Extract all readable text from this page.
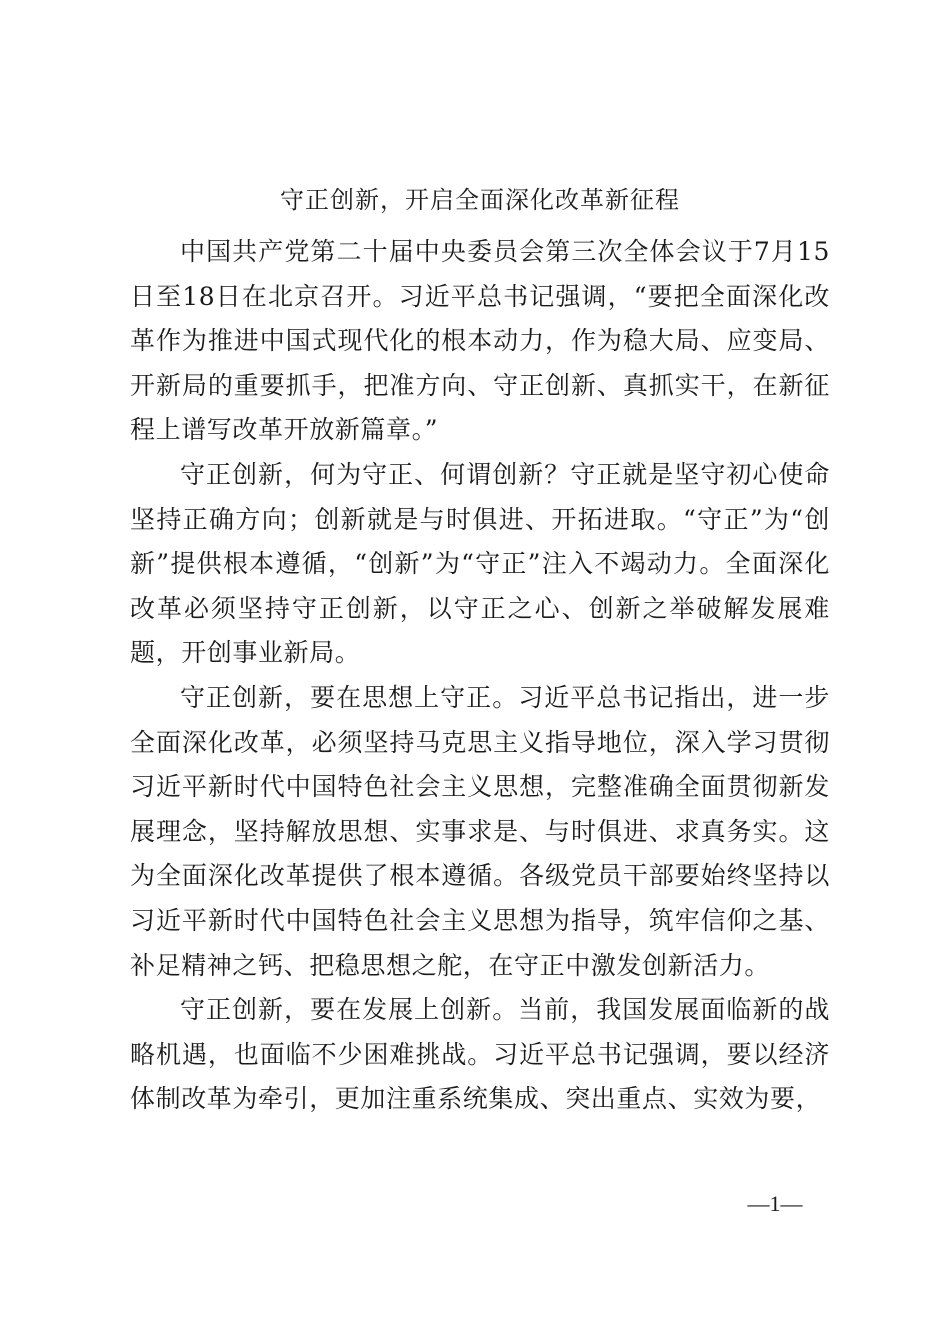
守正创新，开启全面深化改革新征程

中国共产党第二十届中央委员会第三次全体会议于7月15日至18日在北京召开。习近平总书记强调，“要把全面深化改革作为推进中国式现代化的根本动力，作为稳大局、应变局、开新局的重要抓手，把准方向、守正创新、真抓实干，在新征程上谱写改革开放新篇章。”

守正创新，何为守正、何谓创新？守正就是坚守初心使命坚持正确方向；创新就是与时俱进、开拓进取。“守正”为“创新”提供根本遵循，“创新”为“守正”注入不竭动力。全面深化改革必须坚持守正创新，以守正之心、创新之举破解发展难题，开创事业新局。

守正创新，要在思想上守正。习近平总书记指出，进一步全面深化改革，必须坚持马克思主义指导地位，深入学习贯彻习近平新时代中国特色社会主义思想，完整准确全面贯彻新发展理念，坚持解放思想、实事求是、与时俱进、求真务实。这为全面深化改革提供了根本遵循。各级党员干部要始终坚持以习近平新时代中国特色社会主义思想为指导，筑牢信仰之基、补足精神之钙、把稳思想之舵，在守正中激发创新活力。

守正创新，要在发展上创新。当前，我国发展面临新的战略机遇，也面临不少困难挑战。习近平总书记强调，要以经济体制改革为牵引，更加注重系统集成、突出重点、实效为要，

—1—
